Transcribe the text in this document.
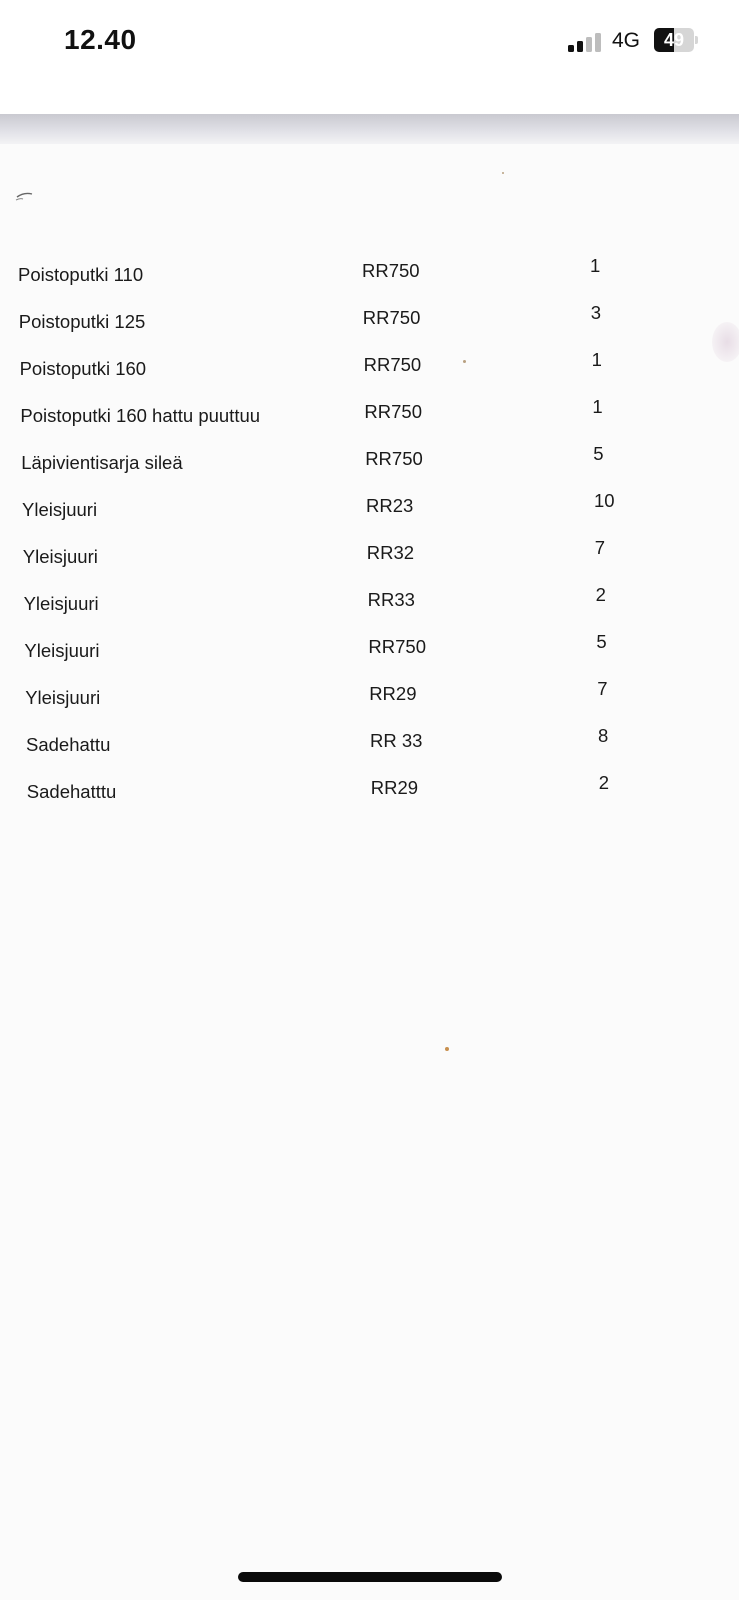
12.40	4G	49
Poistoputki 110	RR750	1
Poistoputki 125	RR750	3
Poistoputki 160	RR750	1
Poistoputki 160 hattu puuttuu	RR750	1
Läpivientisarja sileä	RR750	5
Yleisjuuri	RR23	10
Yleisjuuri	RR32	7
Yleisjuuri	RR33	2
Yleisjuuri	RR750	5
Yleisjuuri	RR29	7
Sadehattu	RR 33	8
Sadehatttu	RR29	2
